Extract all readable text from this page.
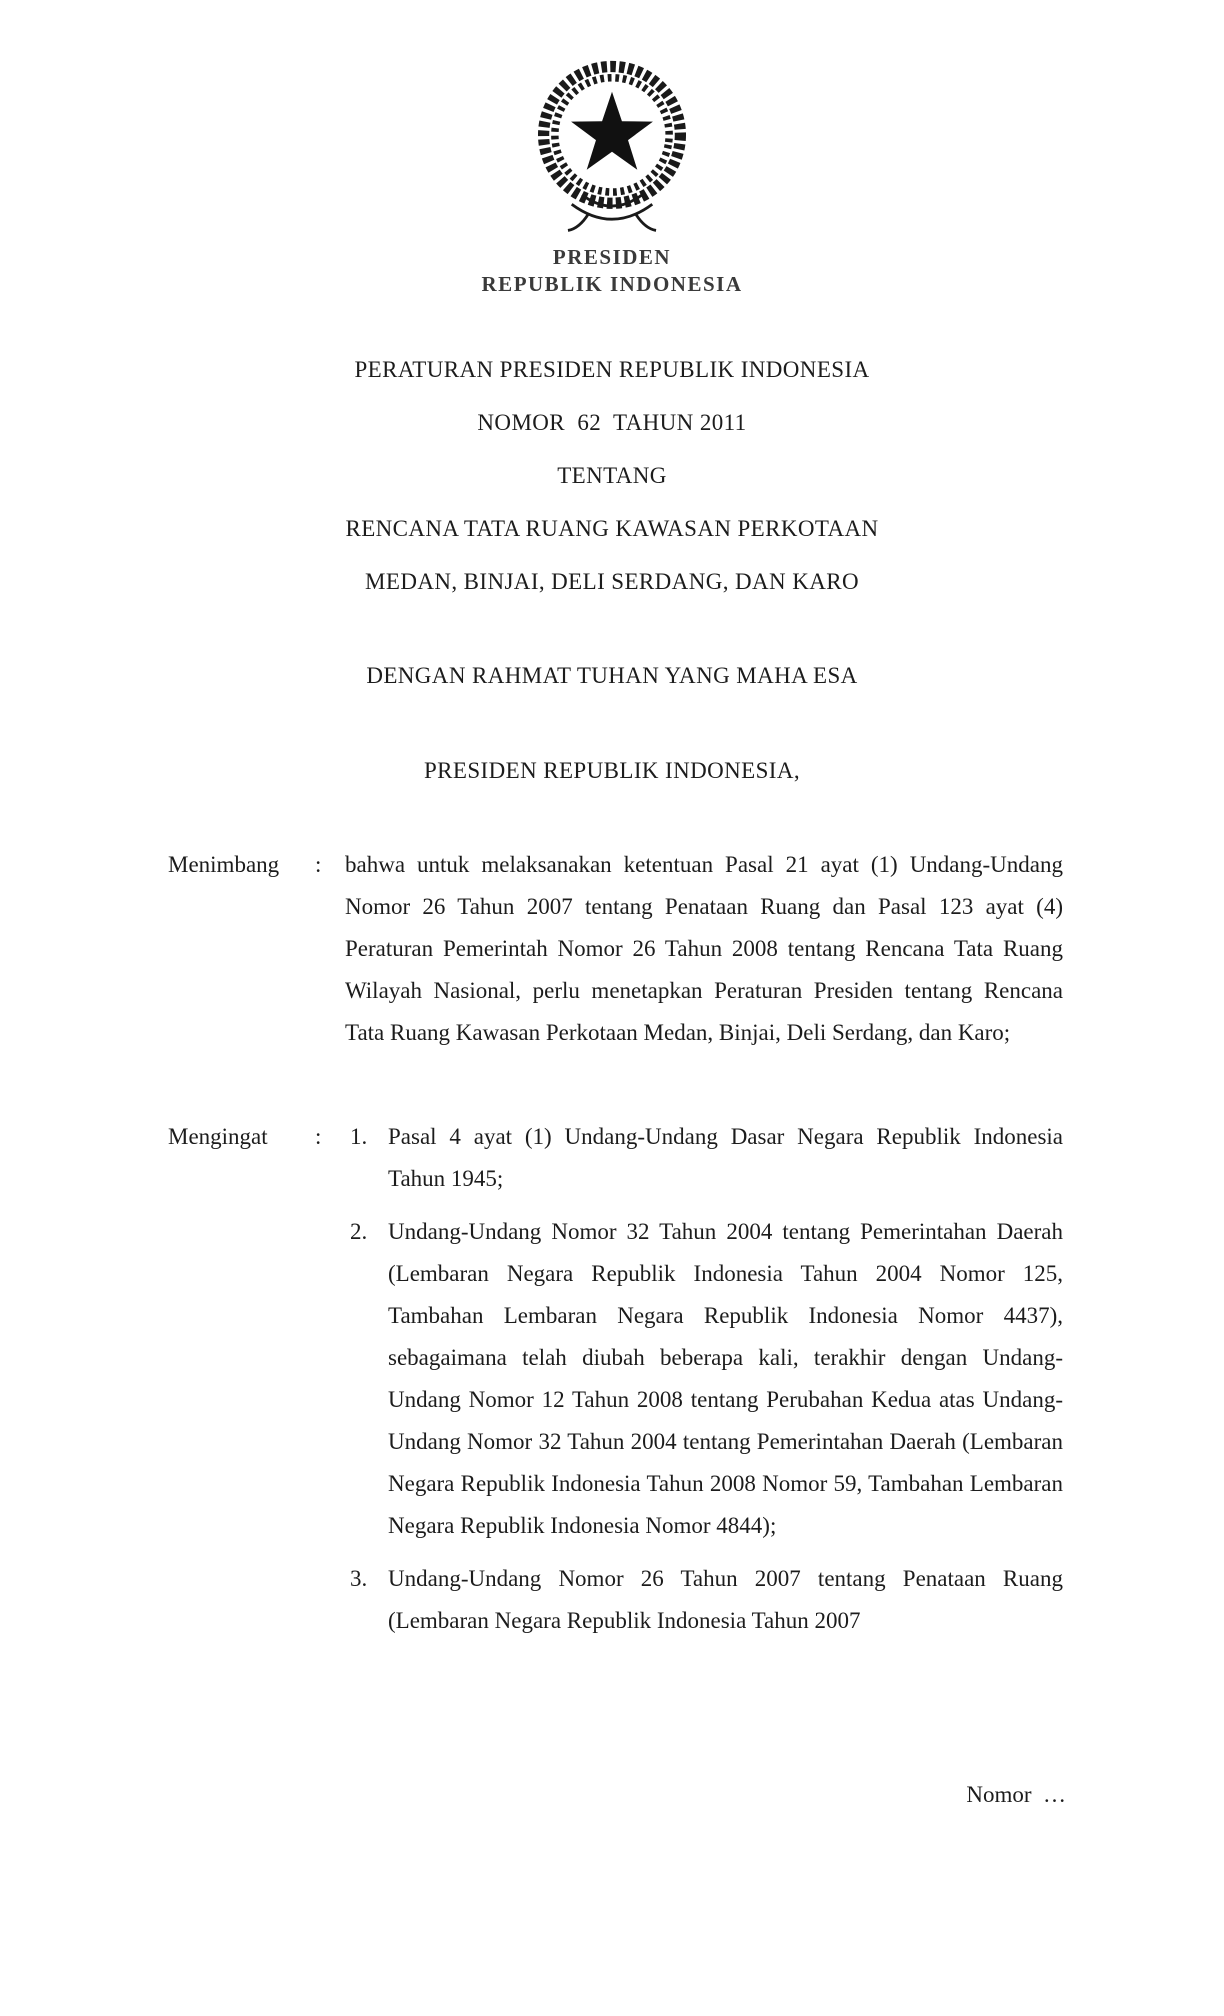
PRESIDEN
REPUBLIK INDONESIA

PERATURAN PRESIDEN REPUBLIK INDONESIA

NOMOR  62  TAHUN 2011

TENTANG

RENCANA TATA RUANG KAWASAN PERKOTAAN

MEDAN, BINJAI, DELI SERDANG, DAN KARO

DENGAN RAHMAT TUHAN YANG MAHA ESA

PRESIDEN REPUBLIK INDONESIA,

Menimbang	:	bahwa untuk melaksanakan ketentuan Pasal 21 ayat (1) Undang-Undang Nomor 26 Tahun 2007 tentang Penataan Ruang dan Pasal 123 ayat (4) Peraturan Pemerintah Nomor 26 Tahun 2008 tentang Rencana Tata Ruang Wilayah Nasional, perlu menetapkan Peraturan Presiden tentang Rencana Tata Ruang Kawasan Perkotaan Medan, Binjai, Deli Serdang, dan Karo;
Mengingat	:	1. Pasal 4 ayat (1) Undang-Undang Dasar Negara Republik Indonesia Tahun 1945;
2. Undang-Undang Nomor 32 Tahun 2004 tentang Pemerintahan Daerah (Lembaran Negara Republik Indonesia Tahun 2004 Nomor 125, Tambahan Lembaran Negara Republik Indonesia Nomor 4437), sebagaimana telah diubah beberapa kali, terakhir dengan Undang-Undang Nomor 12 Tahun 2008 tentang Perubahan Kedua atas Undang-Undang Nomor 32 Tahun 2004 tentang Pemerintahan Daerah (Lembaran Negara Republik Indonesia Tahun 2008 Nomor 59, Tambahan Lembaran Negara Republik Indonesia Nomor 4844);
3. Undang-Undang Nomor 26 Tahun 2007 tentang Penataan Ruang (Lembaran Negara Republik Indonesia Tahun 2007
Nomor  …
